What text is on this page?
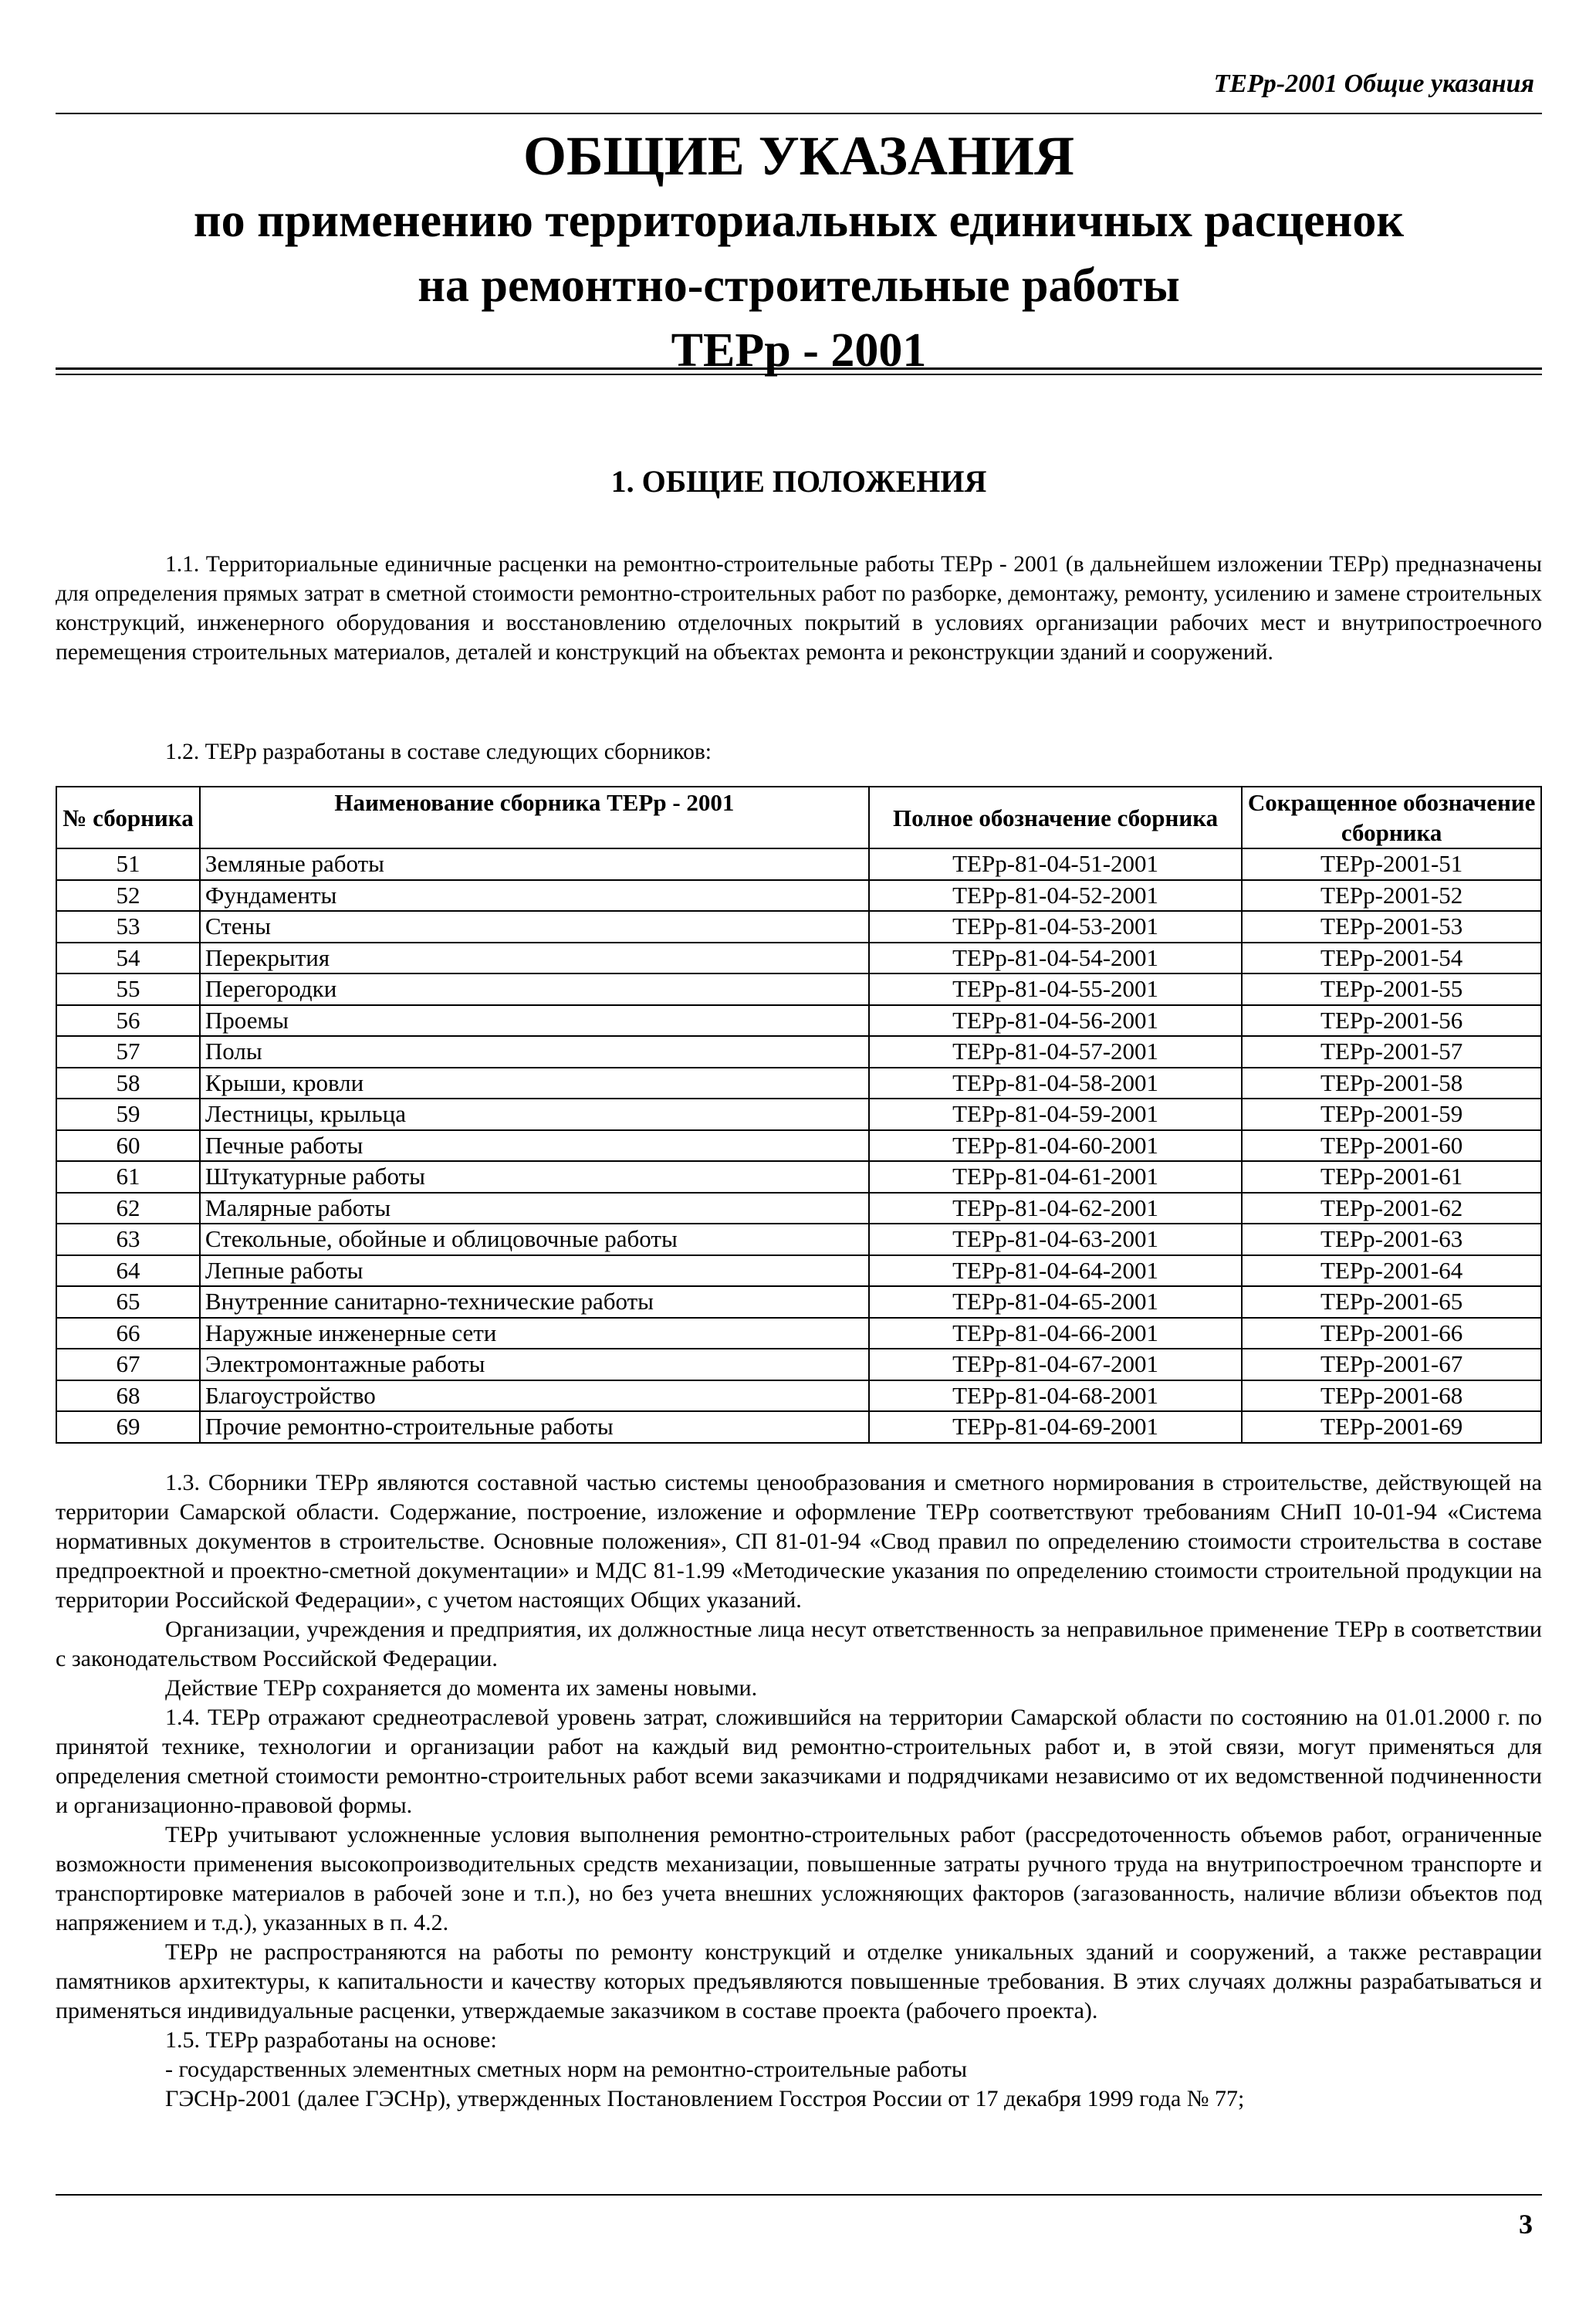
ТЕРр-2001 Общие указания
ОБЩИЕ УКАЗАНИЯ
по применению территориальных единичных расценок
на ремонтно-строительные работы
ТЕРр - 2001
1. ОБЩИЕ ПОЛОЖЕНИЯ
1.1. Территориальные единичные расценки на ремонтно-строительные работы ТЕРр - 2001 (в дальнейшем изложении ТЕРр) предназначены для определения прямых затрат в сметной стоимости ремонтно-строительных работ по разборке, демонтажу, ремонту, усилению и замене строительных конструкций, инженерного оборудования и восстановлению отделочных покрытий в условиях организации рабочих мест и внутрипостроечного перемещения строительных материалов, деталей и конструкций на объектах ремонта и реконструкции зданий и сооружений.
1.2. ТЕРр разработаны в составе следующих сборников:
№ сборника	Наименование сборника ТЕРр - 2001	Полное обозначение сборника	Сокращенное обозначение сборника
51	Земляные работы	ТЕРр-81-04-51-2001	ТЕРр-2001-51
52	Фундаменты	ТЕРр-81-04-52-2001	ТЕРр-2001-52
53	Стены	ТЕРр-81-04-53-2001	ТЕРр-2001-53
54	Перекрытия	ТЕРр-81-04-54-2001	ТЕРр-2001-54
55	Перегородки	ТЕРр-81-04-55-2001	ТЕРр-2001-55
56	Проемы	ТЕРр-81-04-56-2001	ТЕРр-2001-56
57	Полы	ТЕРр-81-04-57-2001	ТЕРр-2001-57
58	Крыши, кровли	ТЕРр-81-04-58-2001	ТЕРр-2001-58
59	Лестницы, крыльца	ТЕРр-81-04-59-2001	ТЕРр-2001-59
60	Печные работы	ТЕРр-81-04-60-2001	ТЕРр-2001-60
61	Штукатурные работы	ТЕРр-81-04-61-2001	ТЕРр-2001-61
62	Малярные работы	ТЕРр-81-04-62-2001	ТЕРр-2001-62
63	Стекольные, обойные и облицовочные работы	ТЕРр-81-04-63-2001	ТЕРр-2001-63
64	Лепные работы	ТЕРр-81-04-64-2001	ТЕРр-2001-64
65	Внутренние санитарно-технические работы	ТЕРр-81-04-65-2001	ТЕРр-2001-65
66	Наружные инженерные сети	ТЕРр-81-04-66-2001	ТЕРр-2001-66
67	Электромонтажные работы	ТЕРр-81-04-67-2001	ТЕРр-2001-67
68	Благоустройство	ТЕРр-81-04-68-2001	ТЕРр-2001-68
69	Прочие ремонтно-строительные работы	ТЕРр-81-04-69-2001	ТЕРр-2001-69

1.3. Сборники ТЕРр являются составной частью системы ценообразования и сметного нормирования в строительстве, действующей на территории Самарской области. Содержание, построение, изложение и оформление ТЕРр соответствуют требованиям СНиП 10-01-94 «Система нормативных документов в строительстве. Основные положения», СП 81-01-94 «Свод правил по определению стоимости строительства в составе предпроектной и проектно-сметной документации» и МДС 81-1.99 «Методические указания по определению стоимости строительной продукции на территории Российской Федерации», с учетом настоящих Общих указаний.

Организации, учреждения и предприятия, их должностные лица несут ответственность за неправильное применение ТЕРр в соответствии с законодательством Российской Федерации.

Действие ТЕРр сохраняется до момента их замены новыми.

1.4. ТЕРр отражают среднеотраслевой уровень затрат, сложившийся на территории Самарской области по состоянию на 01.01.2000 г. по принятой технике, технологии и организации работ на каждый вид ремонтно-строительных работ и, в этой связи, могут применяться для определения сметной стоимости ремонтно-строительных работ всеми заказчиками и подрядчиками независимо от их ведомственной подчиненности и организационно-правовой формы.

ТЕРр учитывают усложненные условия выполнения ремонтно-строительных работ (рассредоточенность объемов работ, ограниченные возможности применения высокопроизводительных средств механизации, повышенные затраты ручного труда на внутрипостроечном транспорте и транспортировке материалов в рабочей зоне и т.п.), но без учета внешних усложняющих факторов (загазованность, наличие вблизи объектов под напряжением и т.д.), указанных в п. 4.2.

ТЕРр не распространяются на работы по ремонту конструкций и отделке уникальных зданий и сооружений, а также реставрации памятников архитектуры, к капитальности и качеству которых предъявляются повышенные требования. В этих случаях должны разрабатываться и применяться индивидуальные расценки, утверждаемые заказчиком в составе проекта (рабочего проекта).

1.5. ТЕРр разработаны на основе:

- государственных элементных сметных норм на ремонтно-строительные работы

ГЭСНр-2001 (далее ГЭСНр), утвержденных Постановлением Госстроя России от 17 декабря 1999 года № 77;

3
